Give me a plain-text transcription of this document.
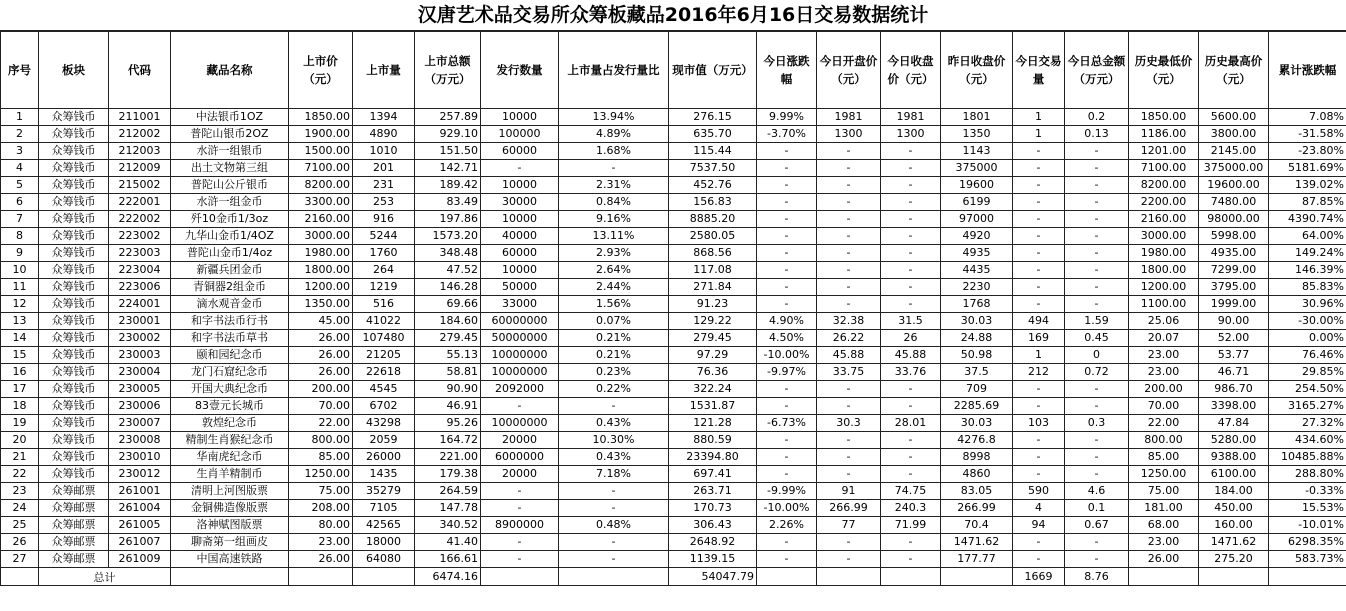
汉唐艺术品交易所众筹板藏品2016年6月16日交易数据统计
序号	板块	代码	藏品名称	上市价（元）	上市量	上市总额（万元）	发行数量	上市量占发行量比	现市值（万元）	今日涨跌幅	今日开盘价（元）	今日收盘价（元）	昨日收盘价（元）	今日交易量	今日总金额（万元）	历史最低价（元）	历史最高价（元）	累计涨跌幅
1	众筹钱币	211001	中法银币1OZ	1850.00	1394	257.89	10000	13.94%	276.15	9.99%	1981	1981	1801	1	0.2	1850.00	5600.00	7.08%
2	众筹钱币	212002	普陀山银币2OZ	1900.00	4890	929.10	100000	4.89%	635.70	-3.70%	1300	1300	1350	1	0.13	1186.00	3800.00	-31.58%
3	众筹钱币	212003	水浒一组银币	1500.00	1010	151.50	60000	1.68%	115.44	-	-	-	1143	-	-	1201.00	2145.00	-23.80%
4	众筹钱币	212009	出土文物第三组	7100.00	201	142.71	-	-	7537.50	-	-	-	375000	-	-	7100.00	375000.00	5181.69%
5	众筹钱币	215002	普陀山公斤银币	8200.00	231	189.42	10000	2.31%	452.76	-	-	-	19600	-	-	8200.00	19600.00	139.02%
6	众筹钱币	222001	水浒一组金币	3300.00	253	83.49	30000	0.84%	156.83	-	-	-	6199	-	-	2200.00	7480.00	87.85%
7	众筹钱币	222002	歼10金币1/3oz	2160.00	916	197.86	10000	9.16%	8885.20	-	-	-	97000	-	-	2160.00	98000.00	4390.74%
8	众筹钱币	223002	九华山金币1/4OZ	3000.00	5244	1573.20	40000	13.11%	2580.05	-	-	-	4920	-	-	3000.00	5998.00	64.00%
9	众筹钱币	223003	普陀山金币1/4oz	1980.00	1760	348.48	60000	2.93%	868.56	-	-	-	4935	-	-	1980.00	4935.00	149.24%
10	众筹钱币	223004	新疆兵团金币	1800.00	264	47.52	10000	2.64%	117.08	-	-	-	4435	-	-	1800.00	7299.00	146.39%
11	众筹钱币	223006	青铜器2组金币	1200.00	1219	146.28	50000	2.44%	271.84	-	-	-	2230	-	-	1200.00	3795.00	85.83%
12	众筹钱币	224001	滴水观音金币	1350.00	516	69.66	33000	1.56%	91.23	-	-	-	1768	-	-	1100.00	1999.00	30.96%
13	众筹钱币	230001	和字书法币行书	45.00	41022	184.60	60000000	0.07%	129.22	4.90%	32.38	31.5	30.03	494	1.59	25.06	90.00	-30.00%
14	众筹钱币	230002	和字书法币草书	26.00	107480	279.45	50000000	0.21%	279.45	4.50%	26.22	26	24.88	169	0.45	20.07	52.00	0.00%
15	众筹钱币	230003	颐和园纪念币	26.00	21205	55.13	10000000	0.21%	97.29	-10.00%	45.88	45.88	50.98	1	0	23.00	53.77	76.46%
16	众筹钱币	230004	龙门石窟纪念币	26.00	22618	58.81	10000000	0.23%	76.36	-9.97%	33.75	33.76	37.5	212	0.72	23.00	46.71	29.85%
17	众筹钱币	230005	开国大典纪念币	200.00	4545	90.90	2092000	0.22%	322.24	-	-	-	709	-	-	200.00	986.70	254.50%
18	众筹钱币	230006	83壹元长城币	70.00	6702	46.91	-	-	1531.87	-	-	-	2285.69	-	-	70.00	3398.00	3165.27%
19	众筹钱币	230007	敦煌纪念币	22.00	43298	95.26	10000000	0.43%	121.28	-6.73%	30.3	28.01	30.03	103	0.3	22.00	47.84	27.32%
20	众筹钱币	230008	精制生肖猴纪念币	800.00	2059	164.72	20000	10.30%	880.59	-	-	-	4276.8	-	-	800.00	5280.00	434.60%
21	众筹钱币	230010	华南虎纪念币	85.00	26000	221.00	6000000	0.43%	23394.80	-	-	-	8998	-	-	85.00	9388.00	10485.88%
22	众筹钱币	230012	生肖羊精制币	1250.00	1435	179.38	20000	7.18%	697.41	-	-	-	4860	-	-	1250.00	6100.00	288.80%
23	众筹邮票	261001	清明上河图版票	75.00	35279	264.59	-	-	263.71	-9.99%	91	74.75	83.05	590	4.6	75.00	184.00	-0.33%
24	众筹邮票	261004	金铜佛造像版票	208.00	7105	147.78	-	-	170.73	-10.00%	266.99	240.3	266.99	4	0.1	181.00	450.00	15.53%
25	众筹邮票	261005	洛神赋图版票	80.00	42565	340.52	8900000	0.48%	306.43	2.26%	77	71.99	70.4	94	0.67	68.00	160.00	-10.01%
26	众筹邮票	261007	聊斋第一组画皮	23.00	18000	41.40	-	-	2648.92	-	-	-	1471.62	-	-	23.00	1471.62	6298.35%
27	众筹邮票	261009	中国高速铁路	26.00	64080	166.61	-	-	1139.15	-	-	-	177.77	-	-	26.00	275.20	583.73%
	总计					6474.16			54047.79					1669	8.76			
